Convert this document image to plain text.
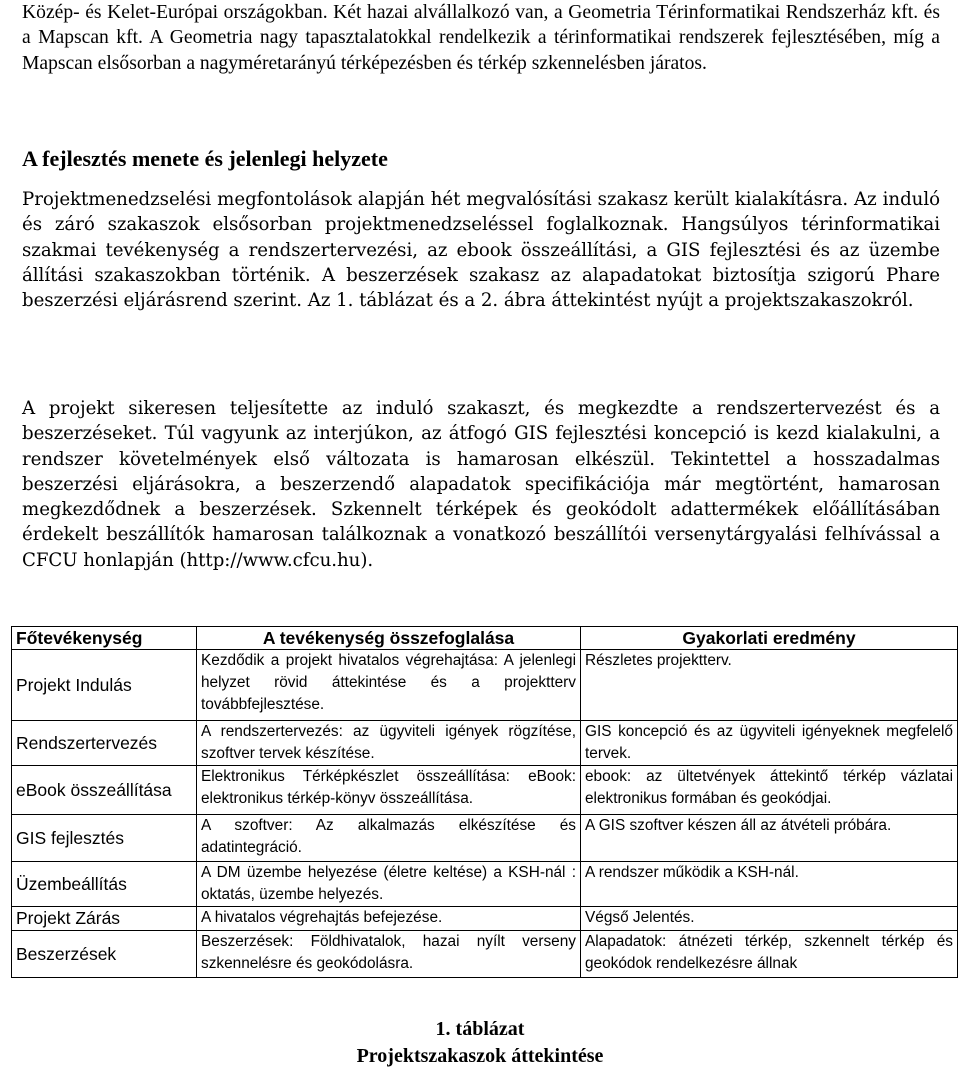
Közép- és Kelet-Európai országokban. Két hazai alvállalkozó van, a Geometria Térinformatikai Rendszerház kft. és a Mapscan kft. A Geometria nagy tapasztalatokkal rendelkezik a térinformatikai rendszerek fejlesztésében, míg a Mapscan elsősorban a nagyméretarányú térképezésben és térkép szkennelésben járatos.

A fejlesztés menete és jelenlegi helyzete

Projektmenedzselési megfontolások alapján hét megvalósítási szakasz került kialakításra. Az induló és záró szakaszok elsősorban projektmenedzseléssel foglalkoznak. Hangsúlyos térinformatikai szakmai tevékenység a rendszertervezési, az ebook összeállítási, a GIS fejlesztési és az üzembe állítási szakaszokban történik. A beszerzések szakasz az alapadatokat biztosítja szigorú Phare beszerzési eljárásrend szerint. Az 1. táblázat és a 2. ábra áttekintést nyújt a projektszakaszokról.

A projekt sikeresen teljesítette az induló szakaszt, és megkezdte a rendszertervezést és a beszerzéseket. Túl vagyunk az interjúkon, az átfogó GIS fejlesztési koncepció is kezd kialakulni, a rendszer követelmények első változata is hamarosan elkészül. Tekintettel a hosszadalmas beszerzési eljárásokra, a beszerzendő alapadatok specifikációja már megtörtént, hamarosan megkezdődnek a beszerzések. Szkennelt térképek és geokódolt adattermékek előállításában érdekelt beszállítók hamarosan találkoznak a vonatkozó beszállítói versenytárgyalási felhívással a CFCU honlapján (http://www.cfcu.hu).

Főtevékenység	A tevékenység összefoglalása	Gyakorlati eredmény
Projekt Indulás	Kezdődik a projekt hivatalos végrehajtása: A jelenlegi helyzet rövid áttekintése és a projektterv továbbfejlesztése.	Részletes projektterv.
Rendszertervezés	A rendszertervezés: az ügyviteli igények rögzítése, szoftver tervek készítése.	GIS koncepció és az ügyviteli igényeknek megfelelő tervek.
eBook összeállítása	Elektronikus Térképkészlet összeállítása: eBook: elektronikus térkép-könyv összeállítása.	ebook: az ültetvények áttekintő térkép vázlatai elektronikus formában és geokódjai.
GIS fejlesztés	A szoftver: Az alkalmazás elkészítése és adatintegráció.	A GIS szoftver készen áll az átvételi próbára.
Üzembeállítás	A DM üzembe helyezése (életre keltése) a KSH-nál : oktatás, üzembe helyezés.	A rendszer működik a KSH-nál.
Projekt Zárás	A hivatalos végrehajtás befejezése.	Végső Jelentés.
Beszerzések	Beszerzések: Földhivatalok, hazai nyílt verseny szkennelésre és geokódolásra.	Alapadatok: átnézeti térkép, szkennelt térkép és geokódok rendelkezésre állnak

1. táblázat

Projektszakaszok áttekintése
